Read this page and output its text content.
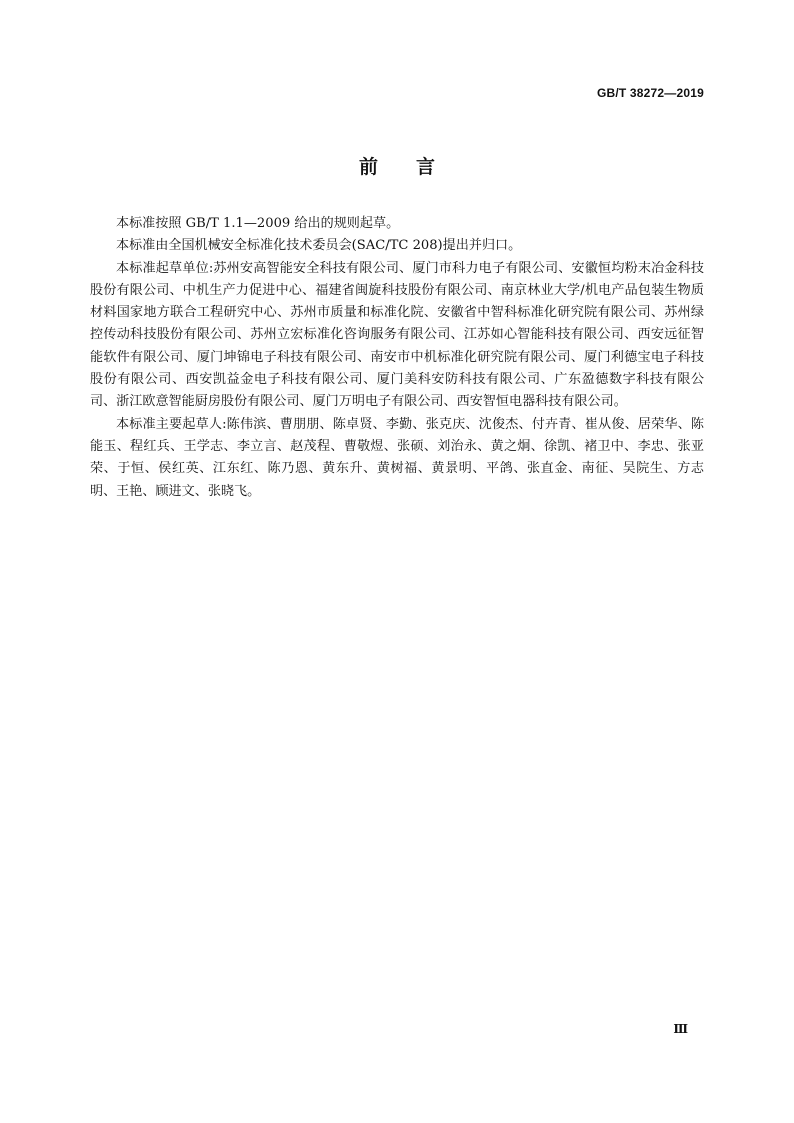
GB/T 38272—2019
前言

本标准按照 GB/T 1.1—2009 给出的规则起草。

本标准由全国机械安全标准化技术委员会(SAC/TC 208)提出并归口。

本标准起草单位:苏州安高智能安全科技有限公司、厦门市科力电子有限公司、安徽恒均粉末冶金科技股份有限公司、中机生产力促进中心、福建省闽旋科技股份有限公司、南京林业大学/机电产品包装生物质材料国家地方联合工程研究中心、苏州市质量和标准化院、安徽省中智科标准化研究院有限公司、苏州绿控传动科技股份有限公司、苏州立宏标准化咨询服务有限公司、江苏如心智能科技有限公司、西安远征智能软件有限公司、厦门坤锦电子科技有限公司、南安市中机标准化研究院有限公司、厦门利德宝电子科技股份有限公司、西安凯益金电子科技有限公司、厦门美科安防科技有限公司、广东盈德数字科技有限公司、浙江欧意智能厨房股份有限公司、厦门万明电子有限公司、西安智恒电器科技有限公司。

本标准主要起草人:陈伟滨、曹朋朋、陈卓贤、李勤、张克庆、沈俊杰、付卉青、崔从俊、居荣华、陈能玉、程红兵、王学志、李立言、赵茂程、曹敬煜、张硕、刘治永、黄之炯、徐凯、褚卫中、李忠、张亚荣、于恒、侯红英、江东红、陈乃恩、黄东升、黄树福、黄景明、平鸽、张直金、南征、吴院生、方志明、王艳、顾进文、张晓飞。

Ⅲ
